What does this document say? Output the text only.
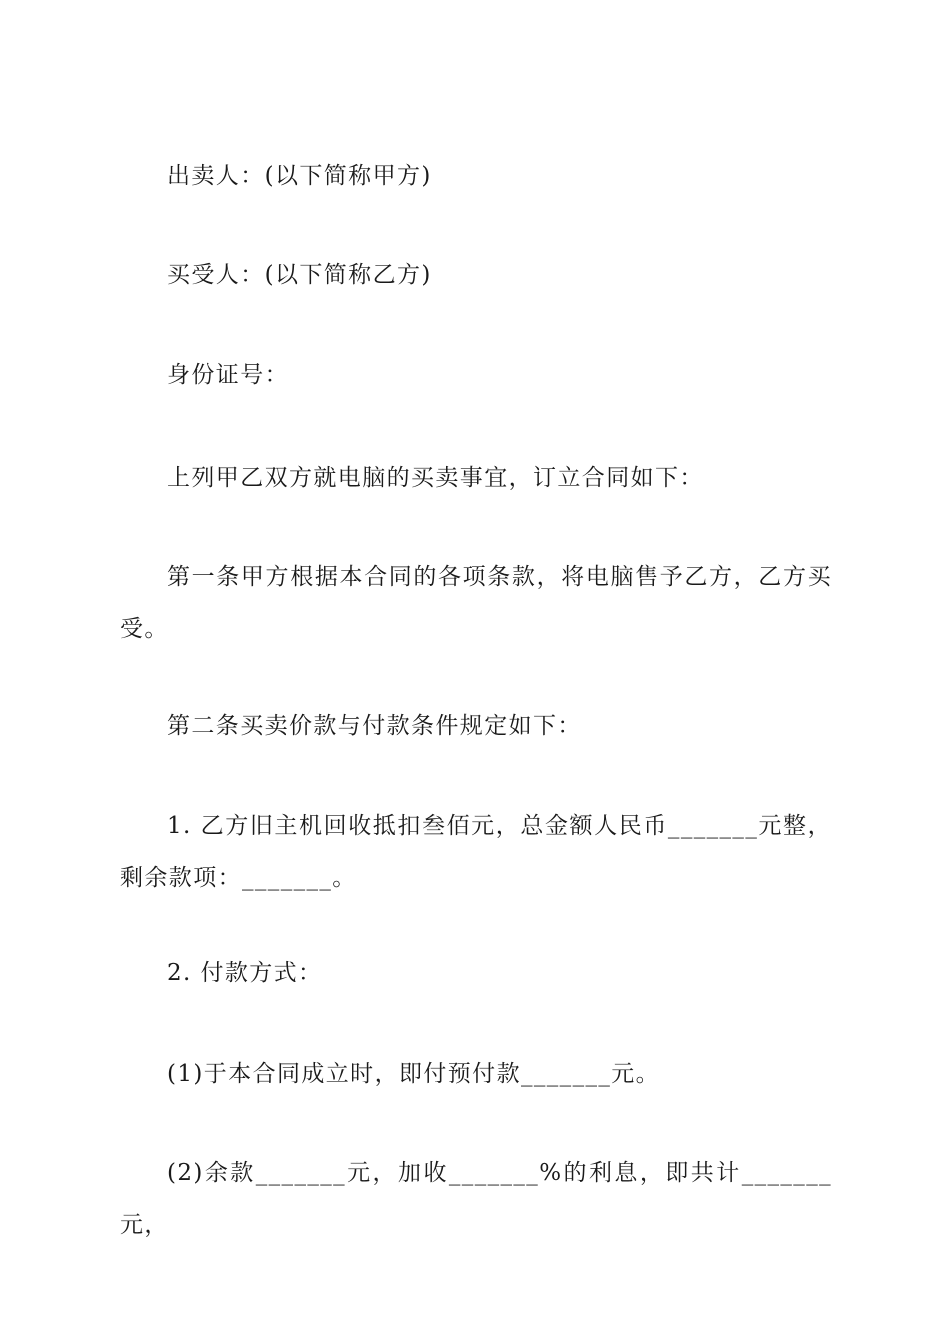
出卖人：(以下简称甲方)

买受人：(以下简称乙方)

身份证号：

上列甲乙双方就电脑的买卖事宜，订立合同如下：

第一条甲方根据本合同的各项条款，将电脑售予乙方，乙方买受。

第二条买卖价款与付款条件规定如下：

1. 乙方旧主机回收抵扣叁佰元，总金额人民币_______元整，剩余款项：_______。

2. 付款方式：

(1)于本合同成立时，即付预付款_______元。

(2)余款_______元，加收_______%的利息，即共计_______元，
